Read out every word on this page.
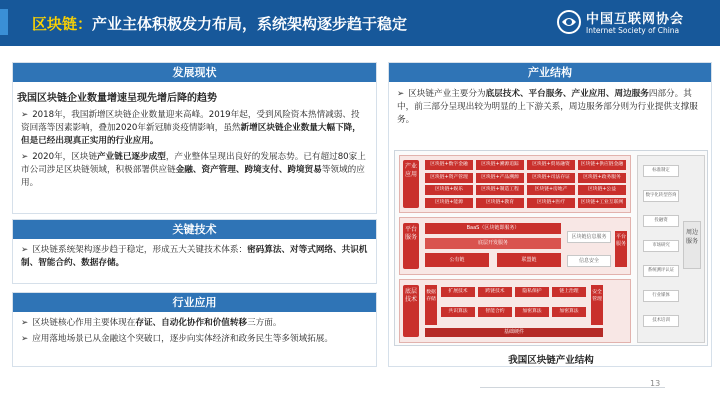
区块链：产业主体积极发力布局，系统架构逐步趋于稳定	中国互联网协会
Internet Society of China
发展现状
我国区块链企业数量增速呈现先增后降的趋势
➢ 2018年，我国新增区块链企业数量迎来高峰。2019年起，受到风险资本热情减弱、投资回落等因素影响，叠加2020年新冠肺炎疫情影响，虽然新增区块链企业数量大幅下降，但是已经出现真正实用的行业应用。
➢ 2020年，区块链产业链已逐步成型，产业整体呈现出良好的发展态势。已有超过80家上市公司涉足区块链领域，积极部署供应链金融、资产管理、跨境支付、跨境贸易等领域的应用。
关键技术
➢ 区块链系统架构逐步趋于稳定，形成五大关键技术体系：密码算法、对等式网络、共识机制、智能合约、数据存储。
行业应用
➢ 区块链核心作用主要体现在存证、自动化协作和价值转移三方面。
➢ 应用落地场景已从金融这个突破口，逐步向实体经济和政务民生等多领域拓展。
产业结构
➢ 区块链产业主要分为底层技术、平台服务、产业应用、周边服务四部分。其中，前三部分呈现出较为明显的上下游关系，周边服务部分则为行业提供支撑服务。
产业应用
区块链+数字金融	区块链+溯源追踪	区块链+贸易融资	区块链+供应链金融
区块链+资产管理	区块链+产品溯源	区块链+司法存证	区块链+政务服务
区块链+娱乐	区块链+制造工程	区块链+房地产	区块链+公益
区块链+能源	区块链+教育	区块链+医疗	区块链+工业互联网
平台服务
BaaS（区块链即服务）
底层开发服务
公有链	联盟链
区块链信息服务
信息安全
平台服务
底层技术
数据存储
扩展技术	跨链技术	隐私保护	链上治理	安全管理
共识算法	智能合约	加密算法	加密算法
基础硬件
周边服务
标准制定
数字化转型咨询
投融资
市场研究
系统测评认证
行业媒体
技术培训
我国区块链产业结构
13
